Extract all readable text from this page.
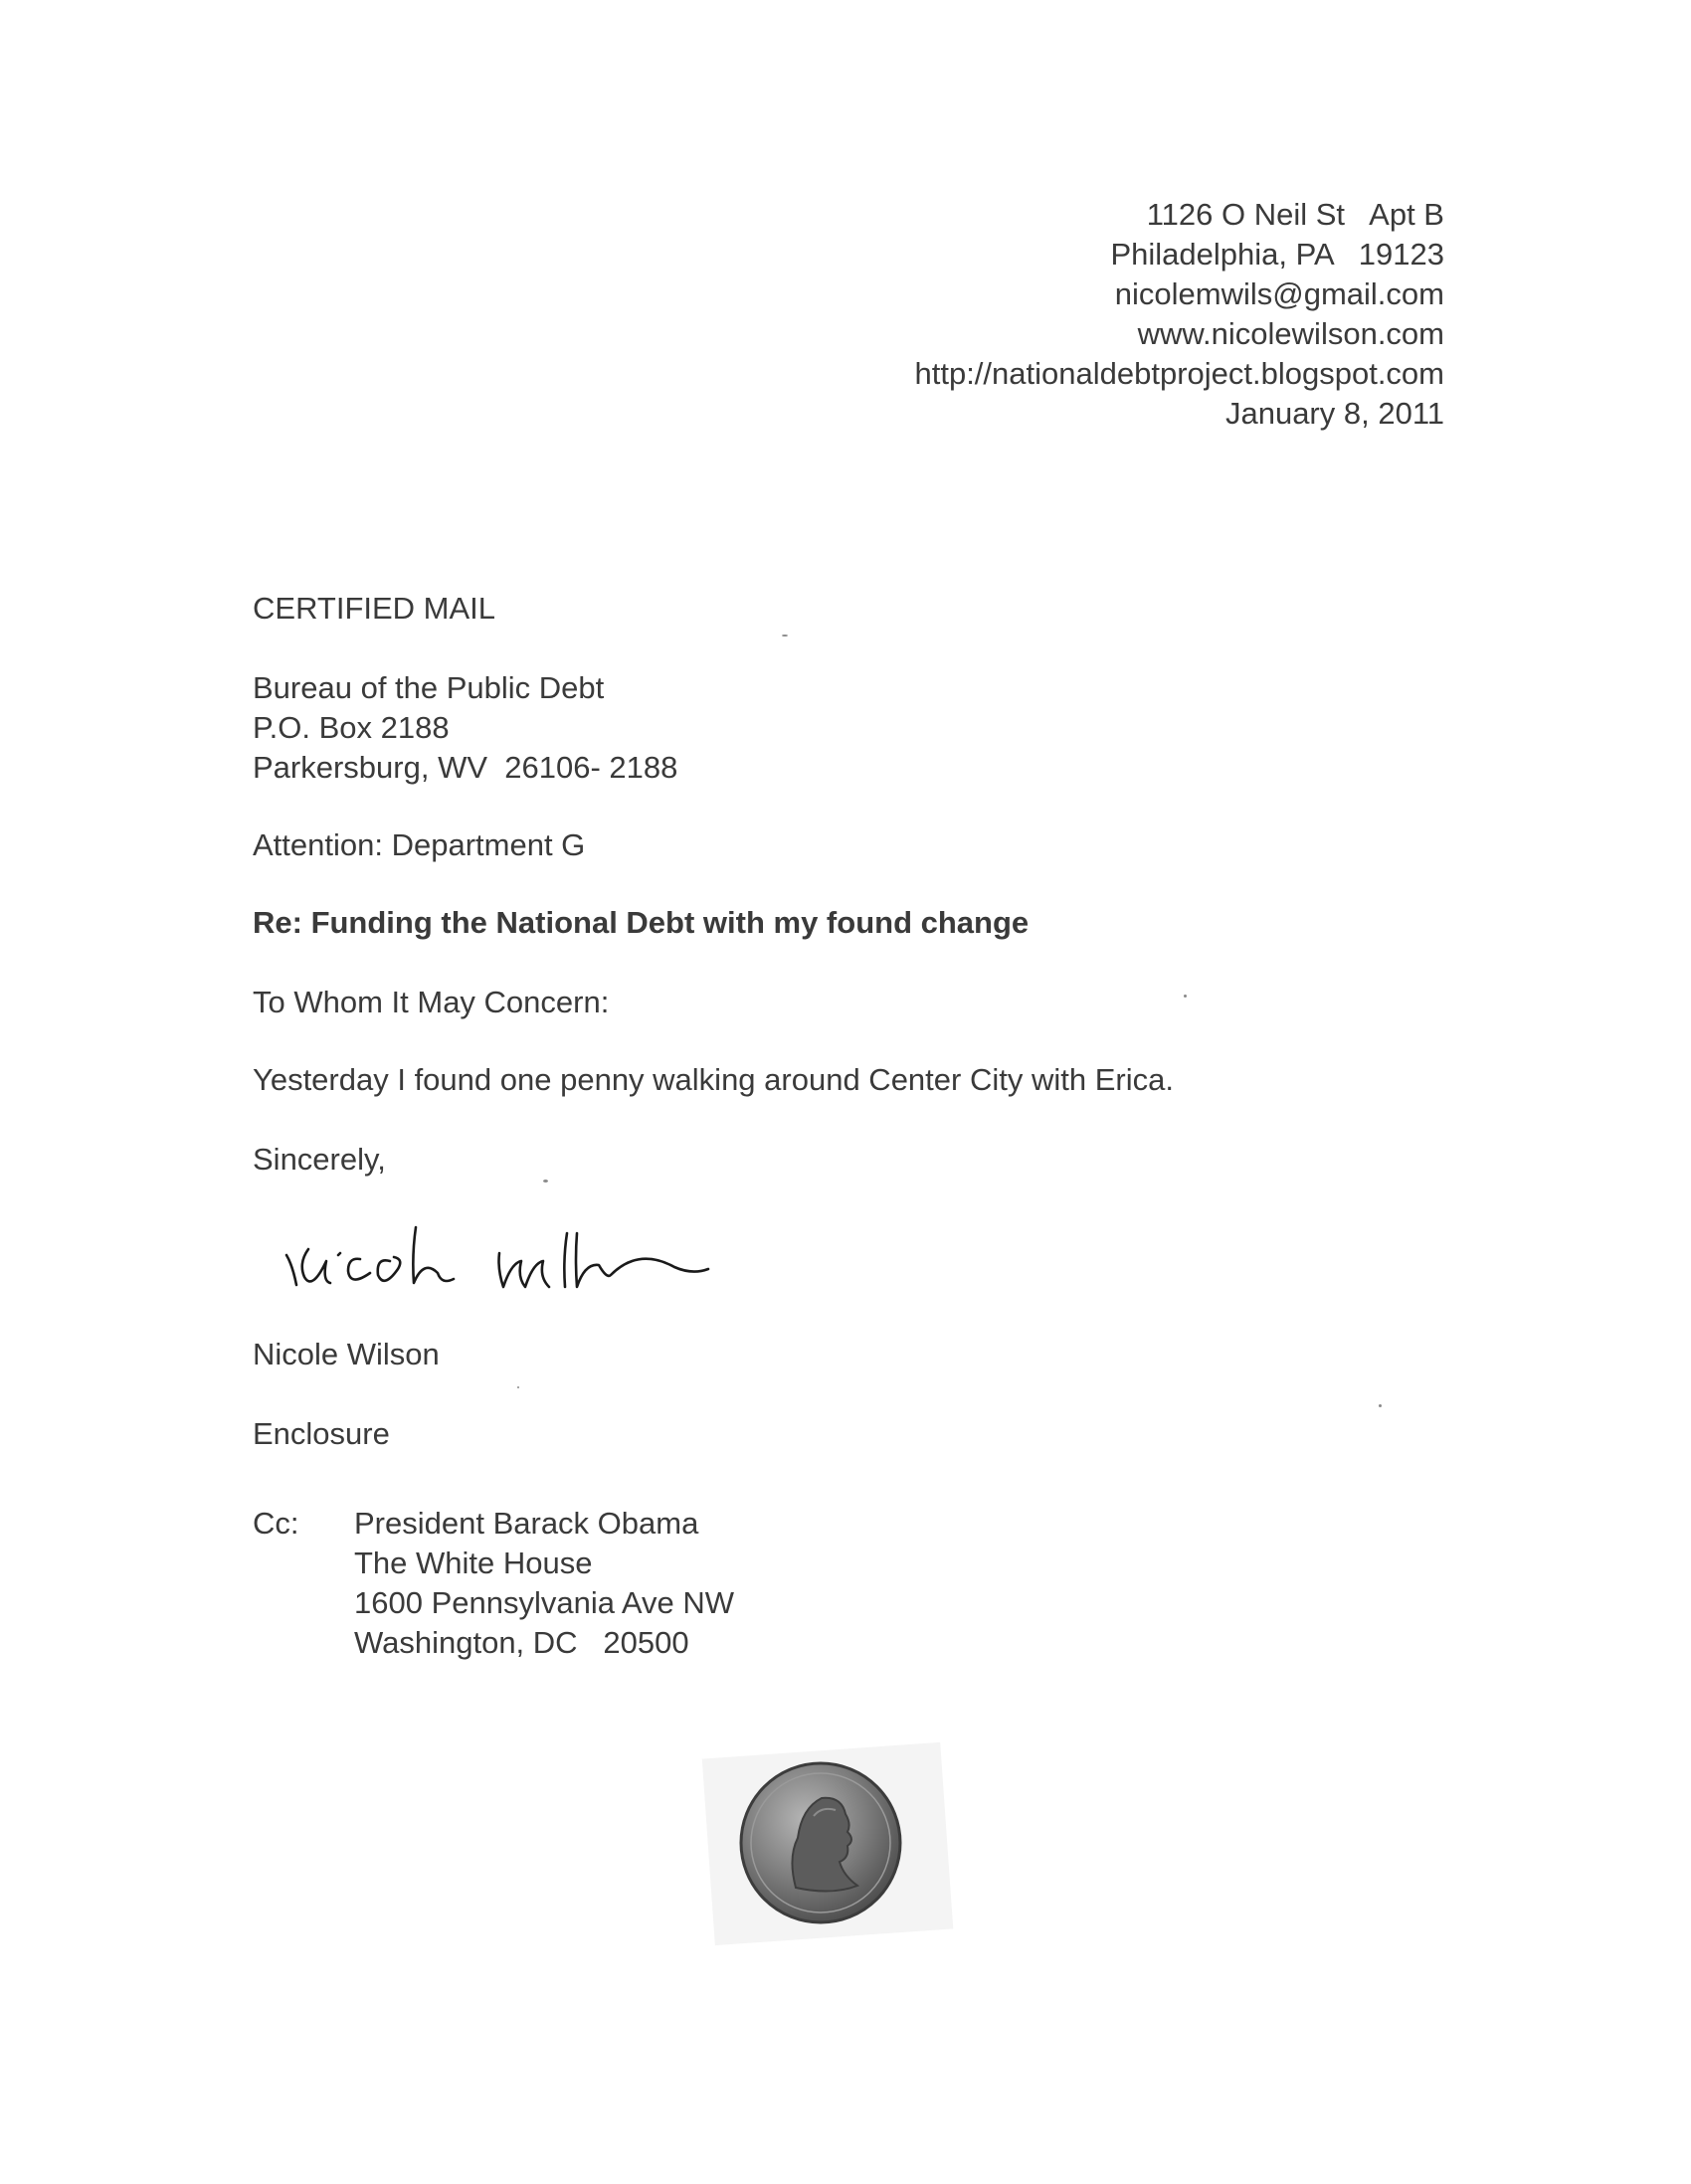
1126 O Neil St   Apt B
Philadelphia, PA   19123
nicolemwils@gmail.com
www.nicolewilson.com
http://nationaldebtproject.blogspot.com
January 8, 2011
CERTIFIED MAIL
Bureau of the Public Debt
P.O. Box 2188
Parkersburg, WV  26106- 2188
Attention: Department G
Re: Funding the National Debt with my found change
To Whom It May Concern:
Yesterday I found one penny walking around Center City with Erica.
Sincerely,
Nicole Wilson
Enclosure
Cc: President Barack Obama
The White House
1600 Pennsylvania Ave NW
Washington, DC   20500
